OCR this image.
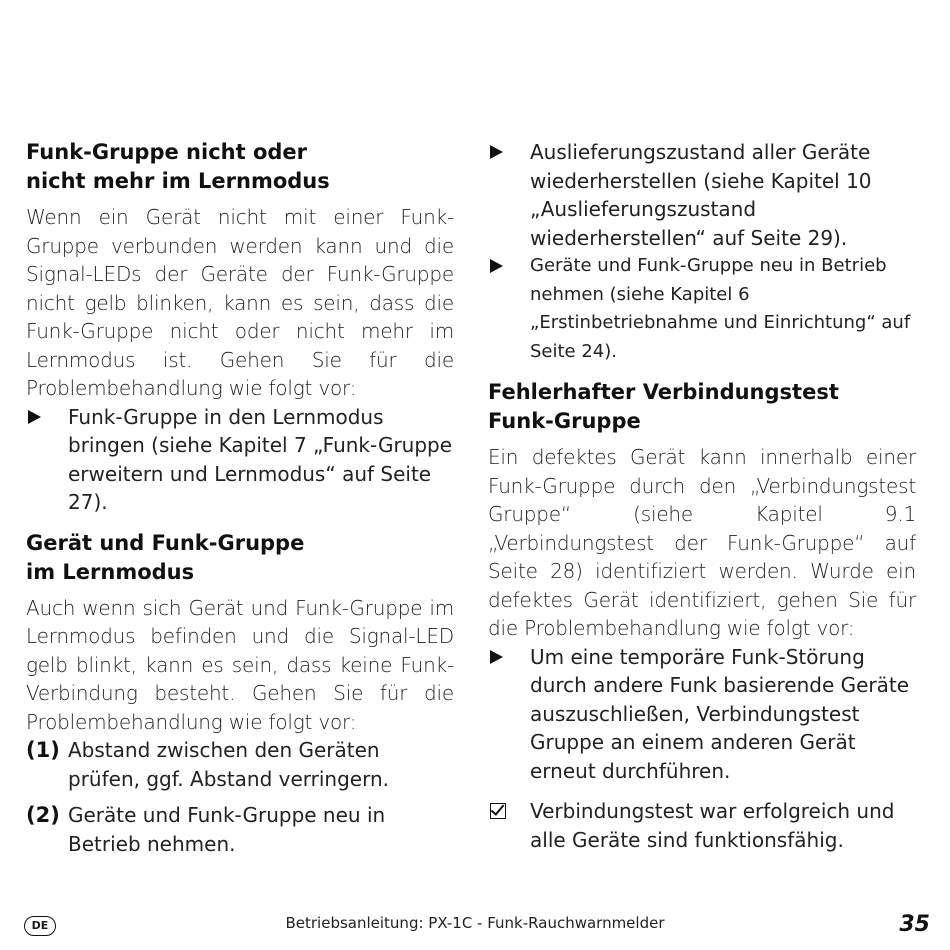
Funk-Gruppe nicht oder
nicht mehr im Lernmodus

Wenn ein Gerät nicht mit einer Funk-Gruppe verbunden werden kann und die Signal-LEDs der Geräte der Funk-Gruppe nicht gelb blinken, kann es sein, dass die Funk-Gruppe nicht oder nicht mehr im Lernmodus ist. Gehen Sie für die Problembehandlung wie folgt vor:

Funk-Gruppe in den Lernmodus bringen (siehe Kapitel 7 „Funk-Gruppe erweitern und Lernmodus“ auf Seite 27).
Gerät und Funk-Gruppe
im Lernmodus

Auch wenn sich Gerät und Funk-Gruppe im Lernmodus befinden und die Signal-LED gelb blinkt, kann es sein, dass keine Funk-Verbindung besteht. Gehen Sie für die Problembehandlung wie folgt vor:

(1) Abstand zwischen den Geräten prüfen, ggf. Abstand verringern.
(2) Geräte und Funk-Gruppe neu in Betrieb nehmen.
Auslieferungszustand aller Geräte wiederherstellen (siehe Kapitel 10 „Auslieferungszustand wiederherstellen“ auf Seite 29).
Geräte und Funk-Gruppe neu in Betrieb nehmen (siehe Kapitel 6 „Erstinbetriebnahme und Einrichtung“ auf Seite 24).
Fehlerhafter Verbindungstest
Funk-Gruppe

Ein defektes Gerät kann innerhalb einer Funk-Gruppe durch den „Verbindungstest Gruppe“ (siehe Kapitel 9.1 „Verbindungstest der Funk-Gruppe“ auf Seite 28) identifiziert werden. Wurde ein defektes Gerät identifiziert, gehen Sie für die Problembehandlung wie folgt vor:

Um eine temporäre Funk-Störung durch andere Funk basierende Geräte auszuschließen, Verbindungstest Gruppe an einem anderen Gerät erneut durchführen.
Verbindungstest war erfolgreich und alle Geräte sind funktionsfähig.
DE	Betriebsanleitung: PX-1C - Funk-Rauchwarnmelder	35
